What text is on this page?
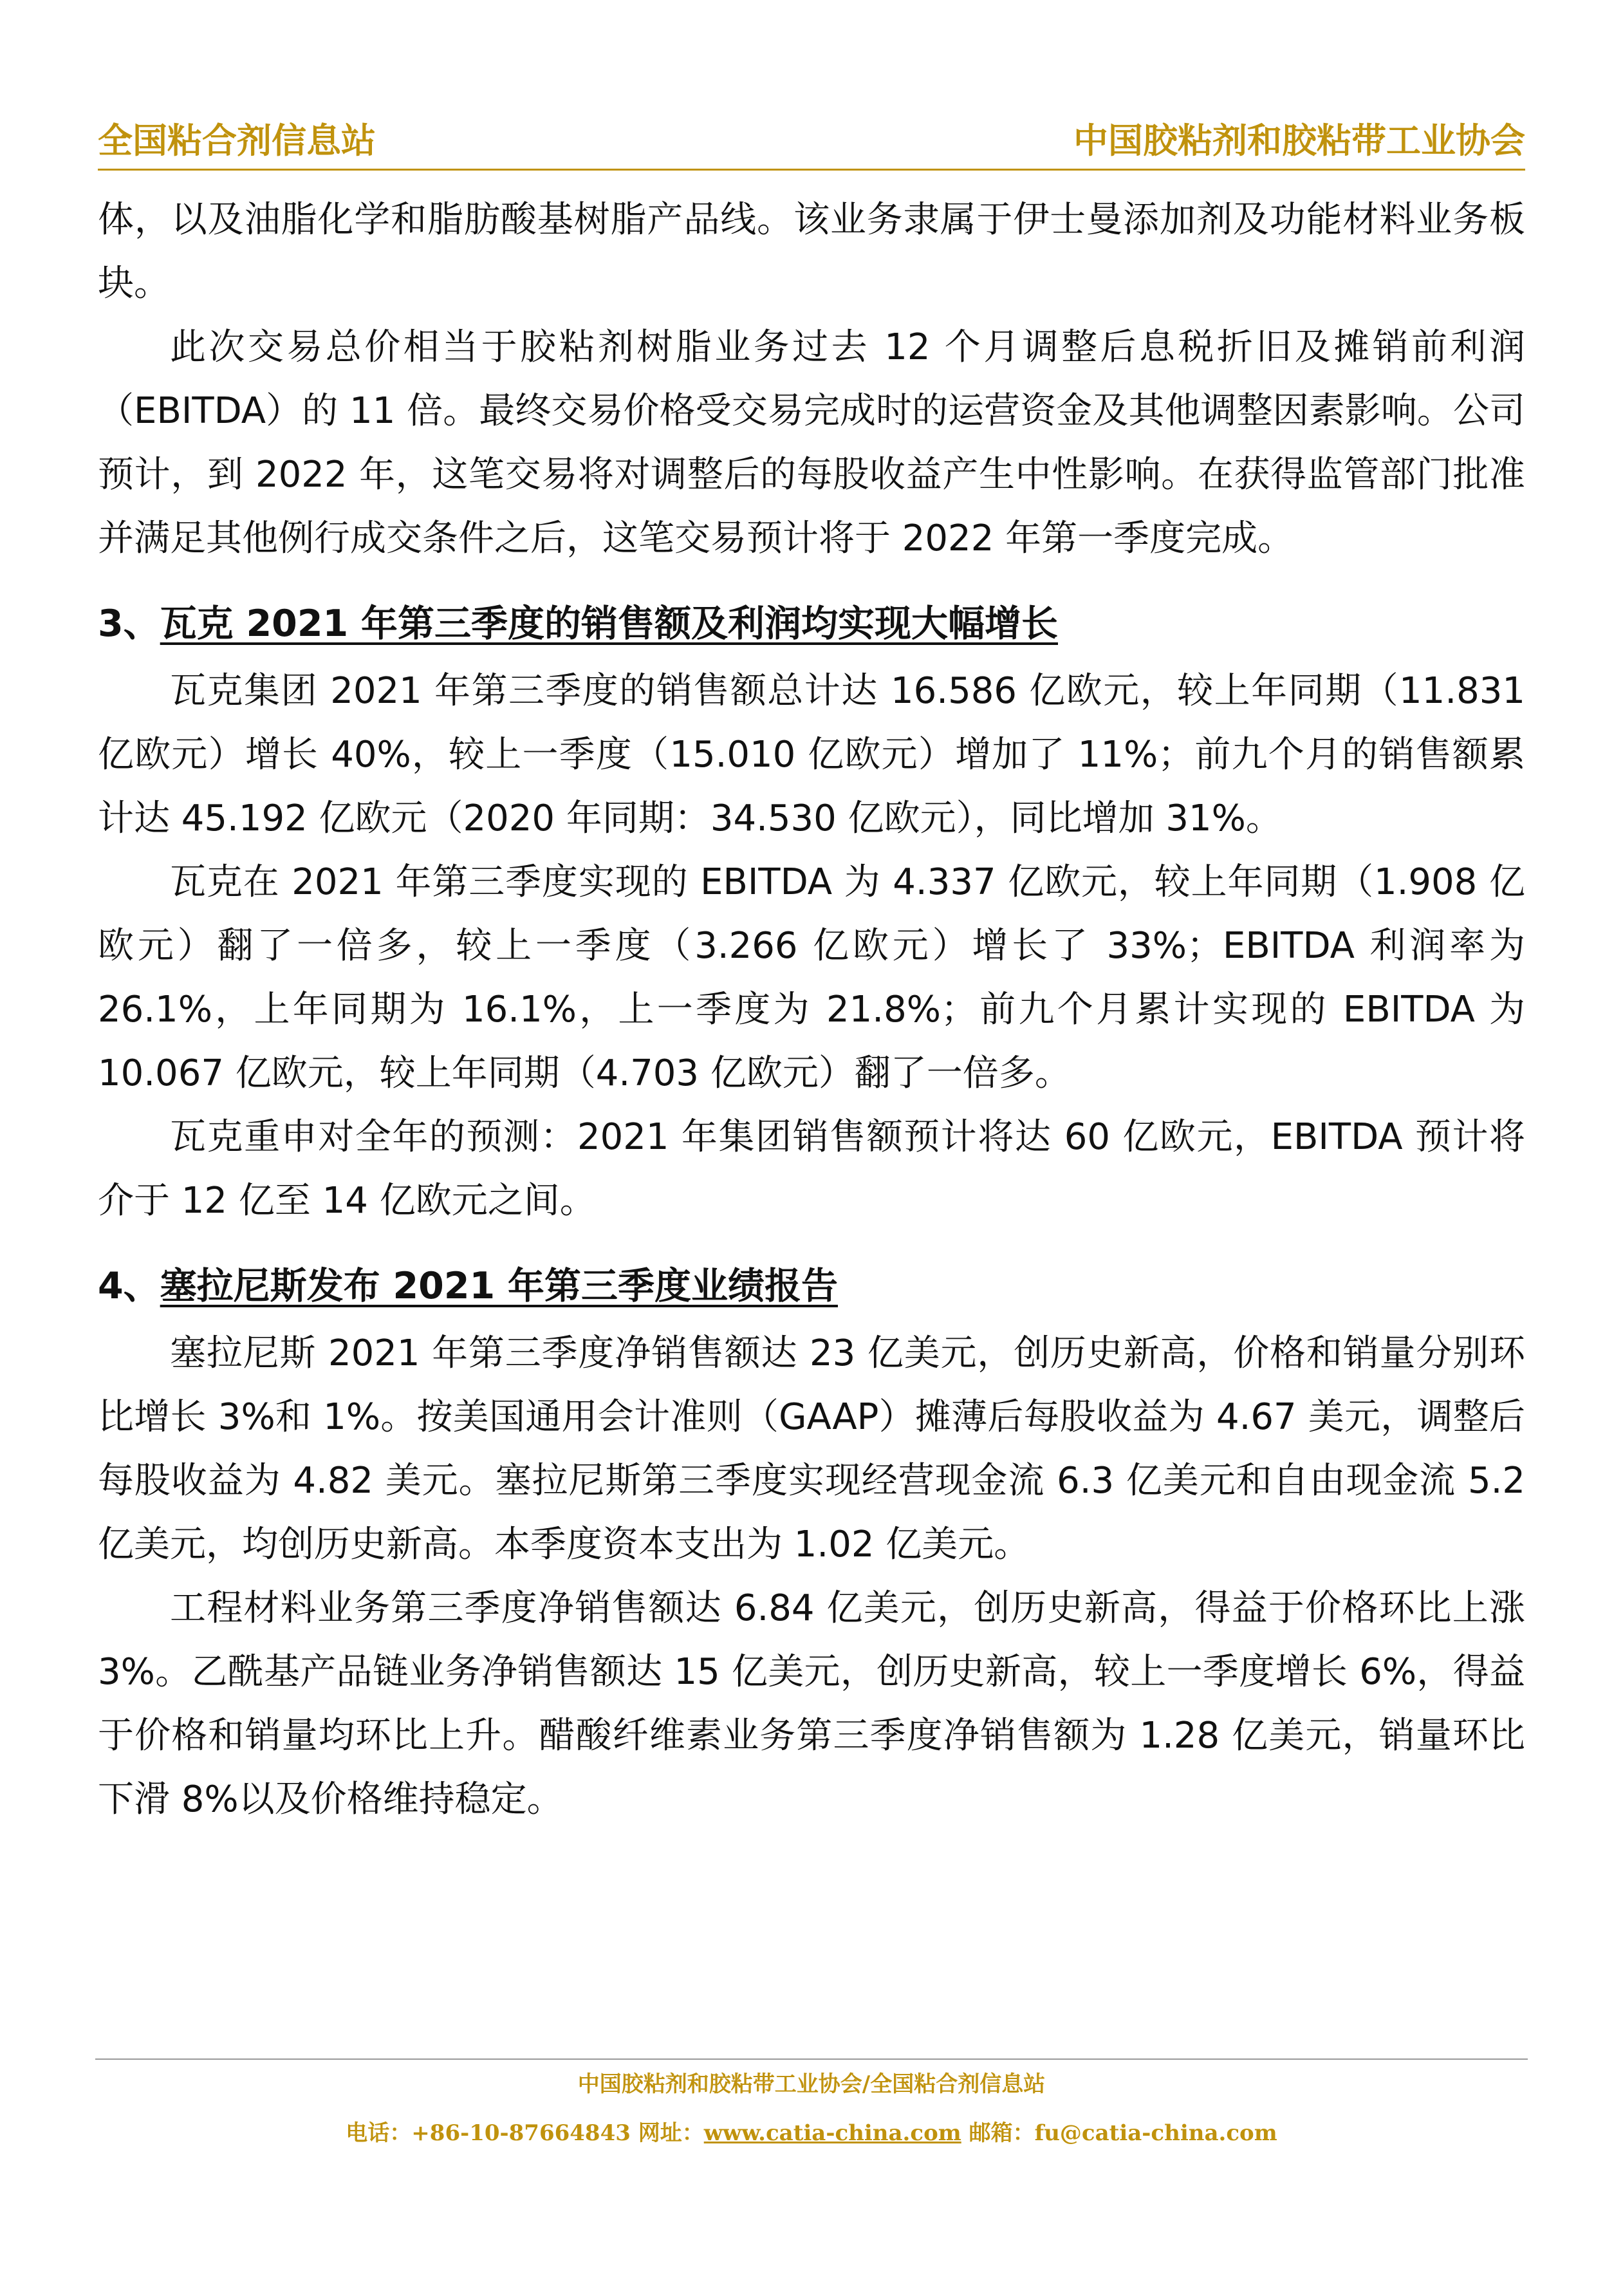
全国粘合剂信息站	中国胶粘剂和胶粘带工业协会

体，以及油脂化学和脂肪酸基树脂产品线。该业务隶属于伊士曼添加剂及功能材料业务板块。

此次交易总价相当于胶粘剂树脂业务过去 12 个月调整后息税折旧及摊销前利润（EBITDA）的 11 倍。最终交易价格受交易完成时的运营资金及其他调整因素影响。公司预计，到 2022 年，这笔交易将对调整后的每股收益产生中性影响。在获得监管部门批准并满足其他例行成交条件之后，这笔交易预计将于 2022 年第一季度完成。

3、瓦克 2021 年第三季度的销售额及利润均实现大幅增长

瓦克集团 2021 年第三季度的销售额总计达 16.586 亿欧元，较上年同期（11.831 亿欧元）增长 40%，较上一季度（15.010 亿欧元）增加了 11%；前九个月的销售额累计达 45.192 亿欧元（2020 年同期：34.530 亿欧元），同比增加 31%。

瓦克在 2021 年第三季度实现的 EBITDA 为 4.337 亿欧元，较上年同期（1.908 亿欧元）翻了一倍多，较上一季度（3.266 亿欧元）增长了 33%；EBITDA 利润率为 26.1%，上年同期为 16.1%，上一季度为 21.8%；前九个月累计实现的 EBITDA 为 10.067 亿欧元，较上年同期（4.703 亿欧元）翻了一倍多。

瓦克重申对全年的预测：2021 年集团销售额预计将达 60 亿欧元，EBITDA 预计将介于 12 亿至 14 亿欧元之间。

4、塞拉尼斯发布 2021 年第三季度业绩报告

塞拉尼斯 2021 年第三季度净销售额达 23 亿美元，创历史新高，价格和销量分别环比增长 3%和 1%。按美国通用会计准则（GAAP）摊薄后每股收益为 4.67 美元，调整后每股收益为 4.82 美元。塞拉尼斯第三季度实现经营现金流 6.3 亿美元和自由现金流 5.2 亿美元，均创历史新高。本季度资本支出为 1.02 亿美元。

工程材料业务第三季度净销售额达 6.84 亿美元，创历史新高，得益于价格环比上涨 3%。乙酰基产品链业务净销售额达 15 亿美元，创历史新高，较上一季度增长 6%，得益于价格和销量均环比上升。醋酸纤维素业务第三季度净销售额为 1.28 亿美元，销量环比下滑 8%以及价格维持稳定。

中国胶粘剂和胶粘带工业协会/全国粘合剂信息站
电话：+86-10-87664843 网址：www.catia-china.com 邮箱：fu@catia-china.com
